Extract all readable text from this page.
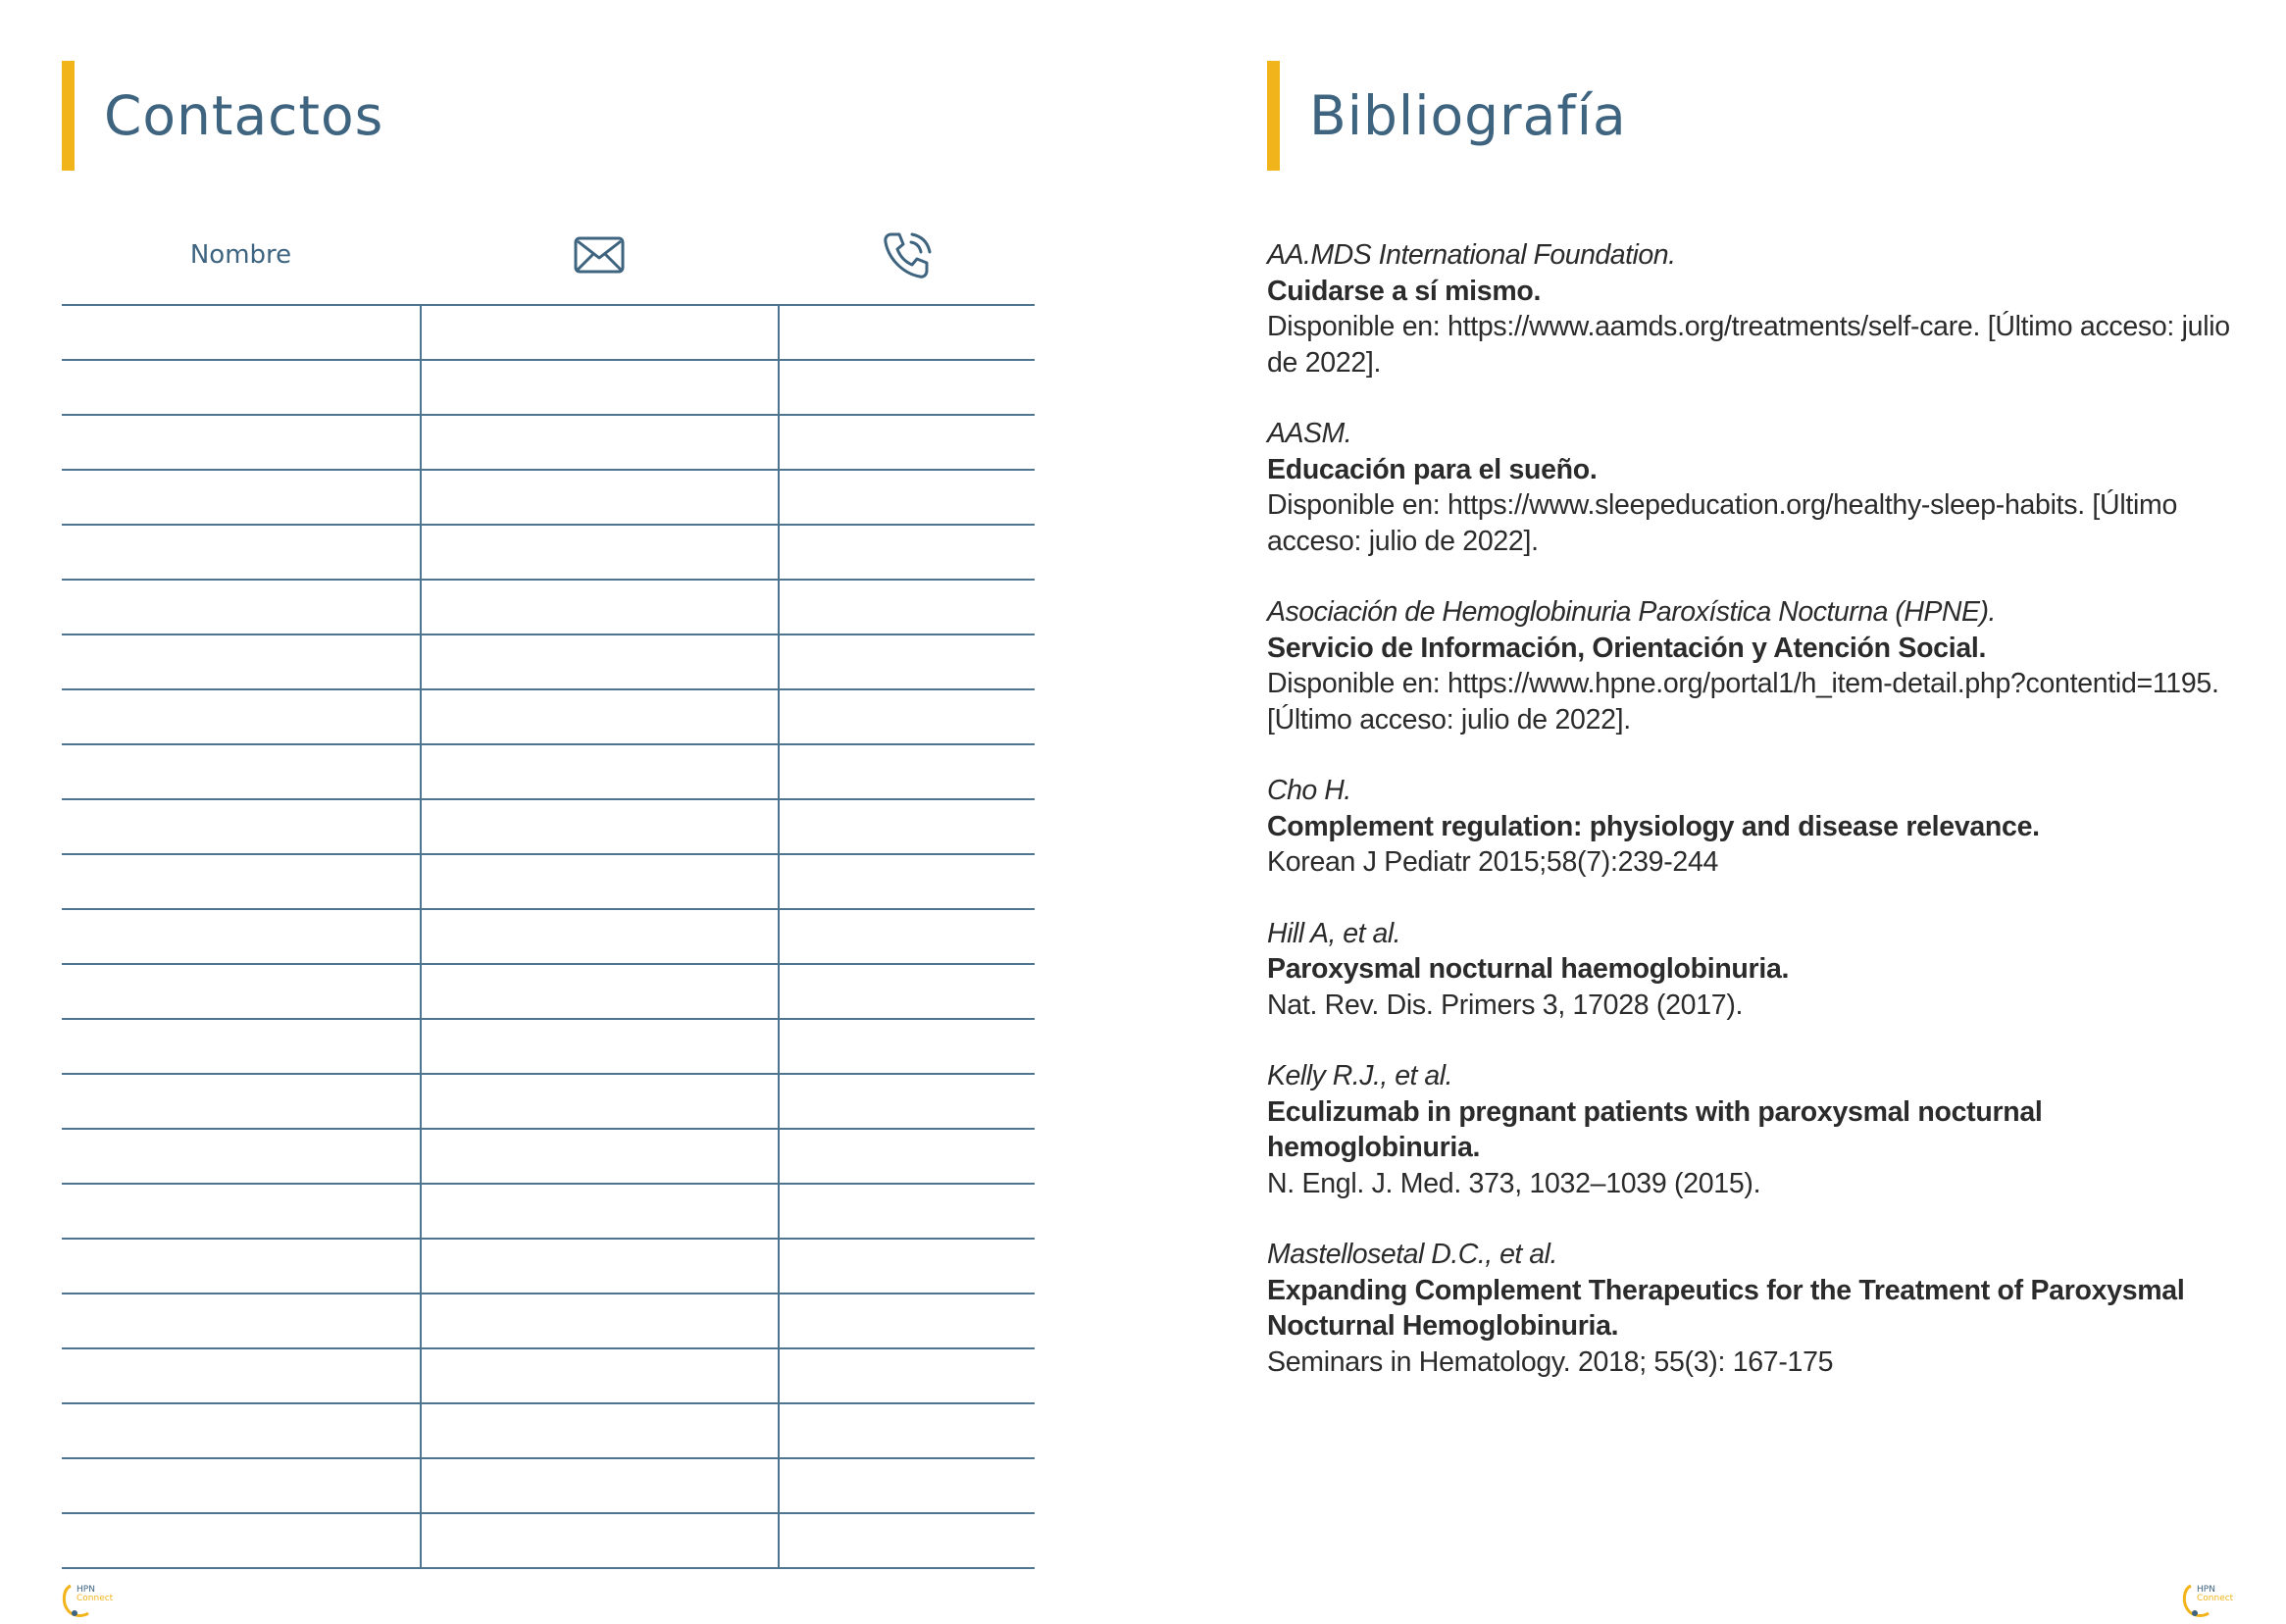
Contactos	Bibliografía
Nombre	AA.MDS International Foundation.
Cuidarse a sí mismo.
Disponible en: https://www.aamds.org/treatments/self-care. [Último acceso: julio de 2022].
AASM.
Educación para el sueño.
Disponible en: https://www.sleepeducation.org/healthy-sleep-habits. [Último acceso: julio de 2022].
Asociación de Hemoglobinuria Paroxística Nocturna (HPNE).
Servicio de Información, Orientación y Atención Social.
Disponible en: https://www.hpne.org/portal1/h_item-detail.php?contentid=1195. [Último acceso: julio de 2022].
Cho H.
Complement regulation: physiology and disease relevance.
Korean J Pediatr 2015;58(7):239-244
Hill A, et al.
Paroxysmal nocturnal haemoglobinuria.
Nat. Rev. Dis. Primers 3, 17028 (2017).
Kelly R.J., et al.
Eculizumab in pregnant patients with paroxysmal nocturnal hemoglobinuria.
N. Engl. J. Med. 373, 1032–1039 (2015).
Mastellosetal D.C., et al.
Expanding Complement Therapeutics for the Treatment of Paroxysmal Nocturnal Hemoglobinuria.
Seminars in Hematology. 2018; 55(3): 167-175
HPN
Connect
HPN
Connect
